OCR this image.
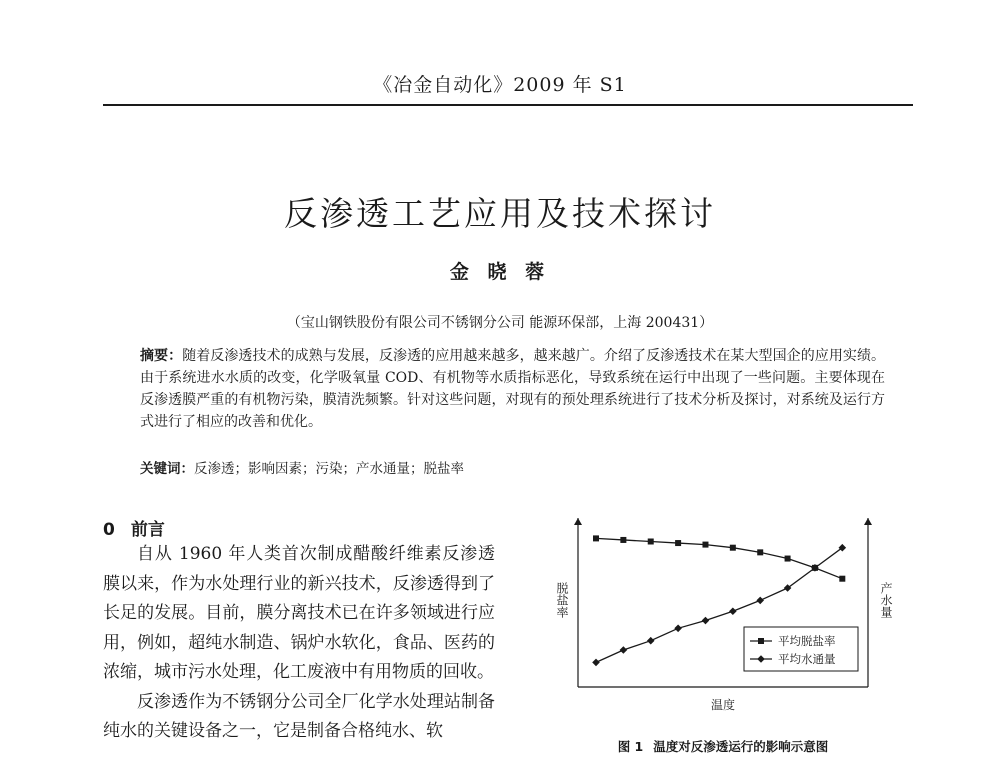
《冶金自动化》2009 年 S1
反渗透工艺应用及技术探讨
金 晓 蓉
（宝山钢铁股份有限公司不锈钢分公司 能源环保部，上海 200431）
摘要：随着反渗透技术的成熟与发展，反渗透的应用越来越多，越来越广。介绍了反渗透技术在某大型国企的应用实绩。由于系统进水水质的改变，化学吸氧量 COD、有机物等水质指标恶化，导致系统在运行中出现了一些问题。主要体现在反渗透膜严重的有机物污染，膜清洗频繁。针对这些问题，对现有的预处理系统进行了技术分析及探讨，对系统及运行方式进行了相应的改善和优化。
关键词：反渗透；影响因素；污染；产水通量；脱盐率
0 前言

自从 1960 年人类首次制成醋酸纤维素反渗透膜以来，作为水处理行业的新兴技术，反渗透得到了长足的发展。目前，膜分离技术已在许多领域进行应用，例如，超纯水制造、锅炉水软化，食品、医药的浓缩，城市污水处理，化工废液中有用物质的回收。

反渗透作为不锈钢分公司全厂化学水处理站制备纯水的关键设备之一，它是制备合格纯水、软

温度
脱盐率	产水量
平均脱盐率
平均水通量
图 1 温度对反渗透运行的影响示意图
